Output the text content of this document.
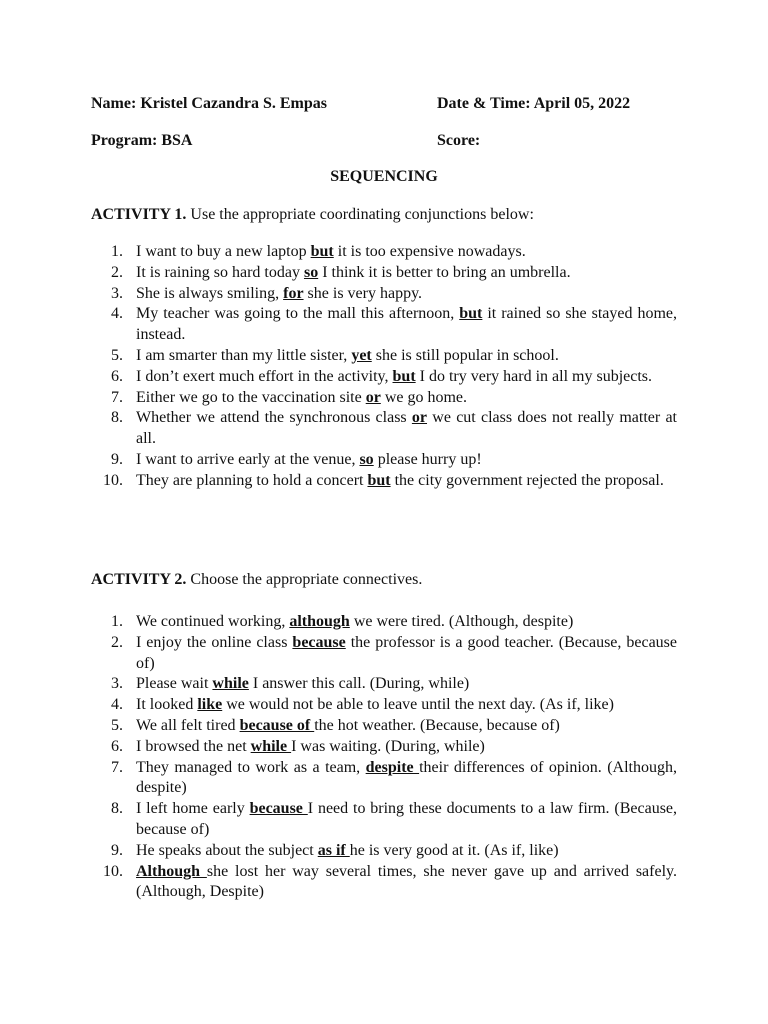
Name: Kristel Cazandra S. Empas	Date & Time: April 05, 2022
Program: BSA	Score:
SEQUENCING
ACTIVITY 1. Use the appropriate coordinating conjunctions below:
1. I want to buy a new laptop but it is too expensive nowadays.
2. It is raining so hard today so I think it is better to bring an umbrella.
3. She is always smiling, for she is very happy.
4. My teacher was going to the mall this afternoon, but it rained so she stayed home, instead.
5. I am smarter than my little sister, yet she is still popular in school.
6. I don’t exert much effort in the activity, but I do try very hard in all my subjects.
7. Either we go to the vaccination site or we go home.
8. Whether we attend the synchronous class or we cut class does not really matter at all.
9. I want to arrive early at the venue, so please hurry up!
10. They are planning to hold a concert but the city government rejected the proposal.
ACTIVITY 2. Choose the appropriate connectives.
1. We continued working, although we were tired. (Although, despite)
2. I enjoy the online class because the professor is a good teacher. (Because, because of)
3. Please wait while I answer this call. (During, while)
4. It looked like we would not be able to leave until the next day. (As if, like)
5. We all felt tired because of the hot weather. (Because, because of)
6. I browsed the net while I was waiting. (During, while)
7. They managed to work as a team, despite their differences of opinion. (Although, despite)
8. I left home early because I need to bring these documents to a law firm. (Because, because of)
9. He speaks about the subject as if he is very good at it. (As if, like)
10. Although she lost her way several times, she never gave up and arrived safely. (Although, Despite)
